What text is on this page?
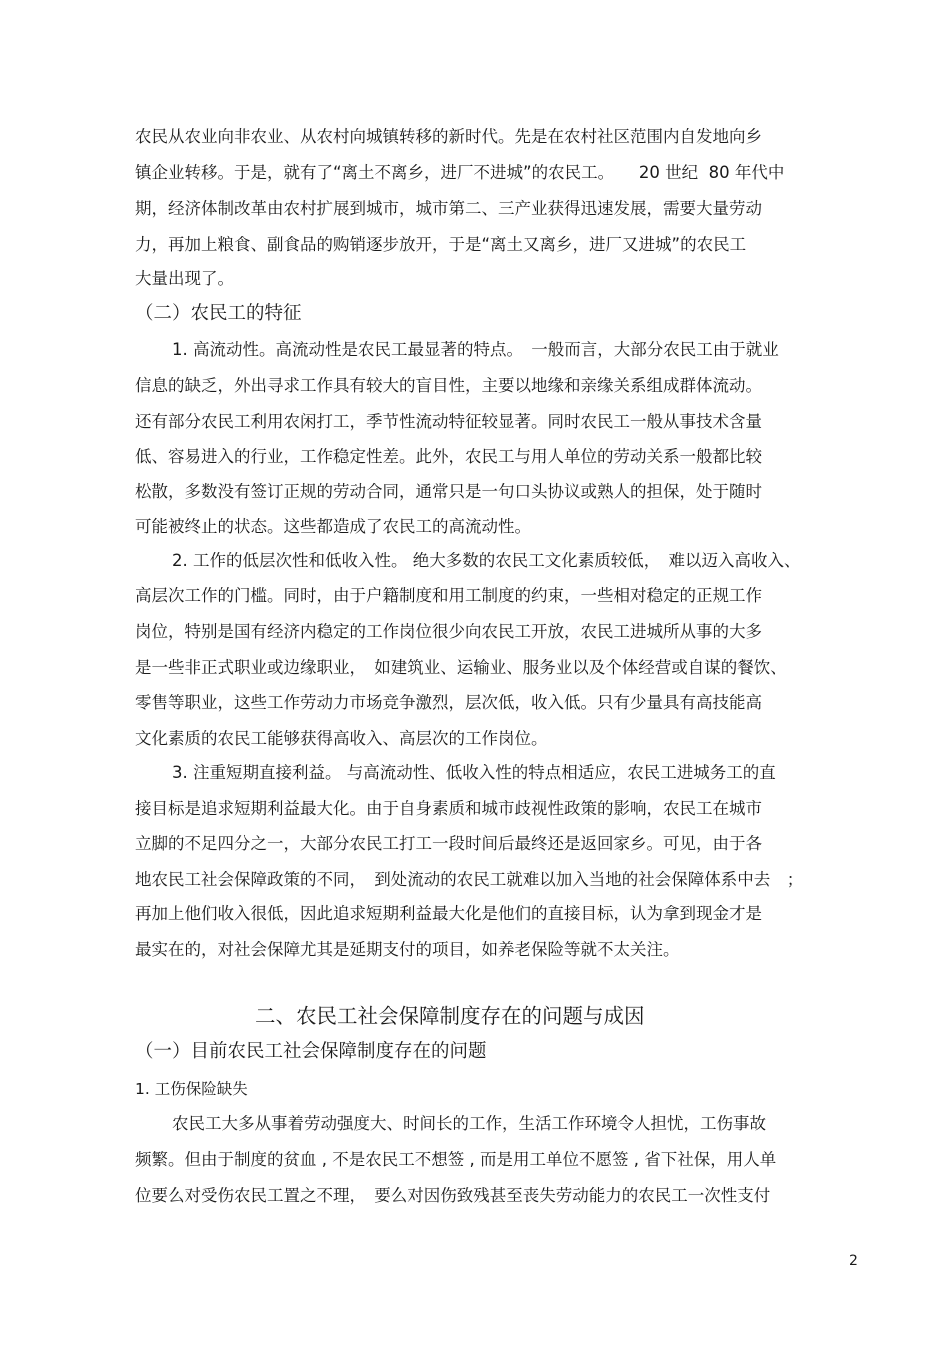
农民从农业向非农业、从农村向城镇转移的新时代。先是在农村社区范围内自发地向乡
镇企业转移。于是，就有了“离土不离乡，进厂不进城”的农民工。　　20 世纪  80 年代中
期，经济体制改革由农村扩展到城市，城市第二、三产业获得迅速发展，需要大量劳动
力，再加上粮食、副食品的购销逐步放开，于是“离土又离乡，进厂又进城”的农民工
大量出现了。
（二）农民工的特征
1. 高流动性。高流动性是农民工最显著的特点。　一般而言，大部分农民工由于就业
信息的缺乏，外出寻求工作具有较大的盲目性，主要以地缘和亲缘关系组成群体流动。
还有部分农民工利用农闲打工，季节性流动特征较显著。同时农民工一般从事技术含量
低、容易进入的行业，工作稳定性差。此外，农民工与用人单位的劳动关系一般都比较
松散，多数没有签订正规的劳动合同，通常只是一句口头协议或熟人的担保，处于随时
可能被终止的状态。这些都造成了农民工的高流动性。
2. 工作的低层次性和低收入性。 绝大多数的农民工文化素质较低，　难以迈入高收入、
高层次工作的门槛。同时，由于户籍制度和用工制度的约束，一些相对稳定的正规工作
岗位，特别是国有经济内稳定的工作岗位很少向农民工开放，农民工进城所从事的大多
是一些非正式职业或边缘职业，　如建筑业、运输业、服务业以及个体经营或自谋的餐饮、
零售等职业，这些工作劳动力市场竞争激烈，层次低，收入低。只有少量具有高技能高
文化素质的农民工能够获得高收入、高层次的工作岗位。
3. 注重短期直接利益。 与高流动性、低收入性的特点相适应，农民工进城务工的直
接目标是追求短期利益最大化。由于自身素质和城市歧视性政策的影响，农民工在城市
立脚的不足四分之一，大部分农民工打工一段时间后最终还是返回家乡。可见，由于各
地农民工社会保障政策的不同，　到处流动的农民工就难以加入当地的社会保障体系中去　；
再加上他们收入很低，因此追求短期利益最大化是他们的直接目标，认为拿到现金才是
最实在的，对社会保障尤其是延期支付的项目，如养老保险等就不太关注。
二、农民工社会保障制度存在的问题与成因
（一）目前农民工社会保障制度存在的问题
1. 工伤保险缺失
农民工大多从事着劳动强度大、时间长的工作，生活工作环境令人担忧，工伤事故
频繁。但由于制度的贫血 , 不是农民工不想签 , 而是用工单位不愿签 , 省下社保，用人单
位要么对受伤农民工置之不理，　要么对因伤致残甚至丧失劳动能力的农民工一次性支付
2
